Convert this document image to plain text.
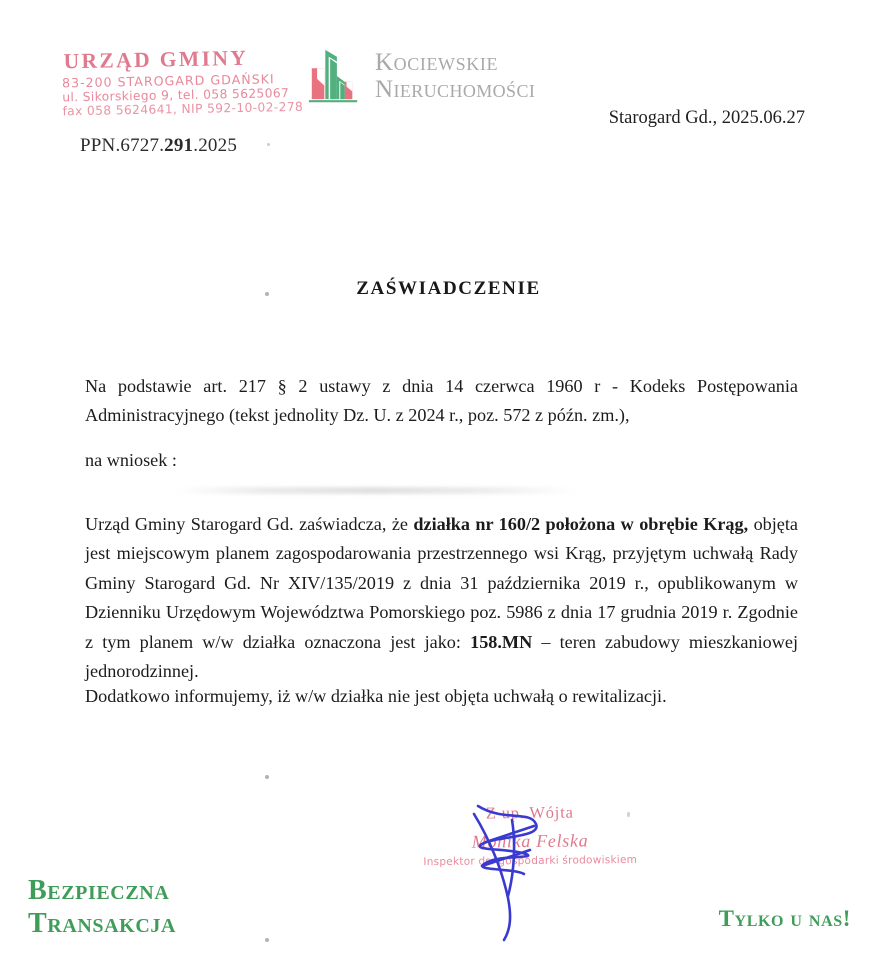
URZĄD GMINY
83-200 STAROGARD GDAŃSKI
ul. Sikorskiego 9, tel. 058 5625067
fax 058 5624641, NIP 592-10-02-278
PPN.6727.291.2025
Kociewskie
Nieruchomości
Starogard Gd., 2025.06.27
ZAŚWIADCZENIE
Na podstawie art. 217 § 2 ustawy z dnia 14 czerwca 1960 r - Kodeks Postępowania Administracyjnego (tekst jednolity Dz. U. z 2024 r., poz. 572 z późn. zm.),
na wniosek :
Urząd Gminy Starogard Gd. zaświadcza, że działka nr 160/2 położona w obrębie Krąg, objęta jest miejscowym planem zagospodarowania przestrzennego wsi Krąg, przyjętym uchwałą Rady Gminy Starogard Gd. Nr XIV/135/2019 z dnia 31 października 2019 r., opublikowanym w Dzienniku Urzędowym Województwa Pomorskiego poz. 5986 z dnia 17 grudnia 2019 r. Zgodnie z tym planem w/w działka oznaczona jest jako: 158.MN – teren zabudowy mieszkaniowej jednorodzinnej.
Dodatkowo informujemy, iż w/w działka nie jest objęta uchwałą o rewitalizacji.
Z up. Wójta
Monika Felska
Inspektor ds. gospodarki środowiskiem
Bezpieczna
Transakcja	Tylko u nas!
